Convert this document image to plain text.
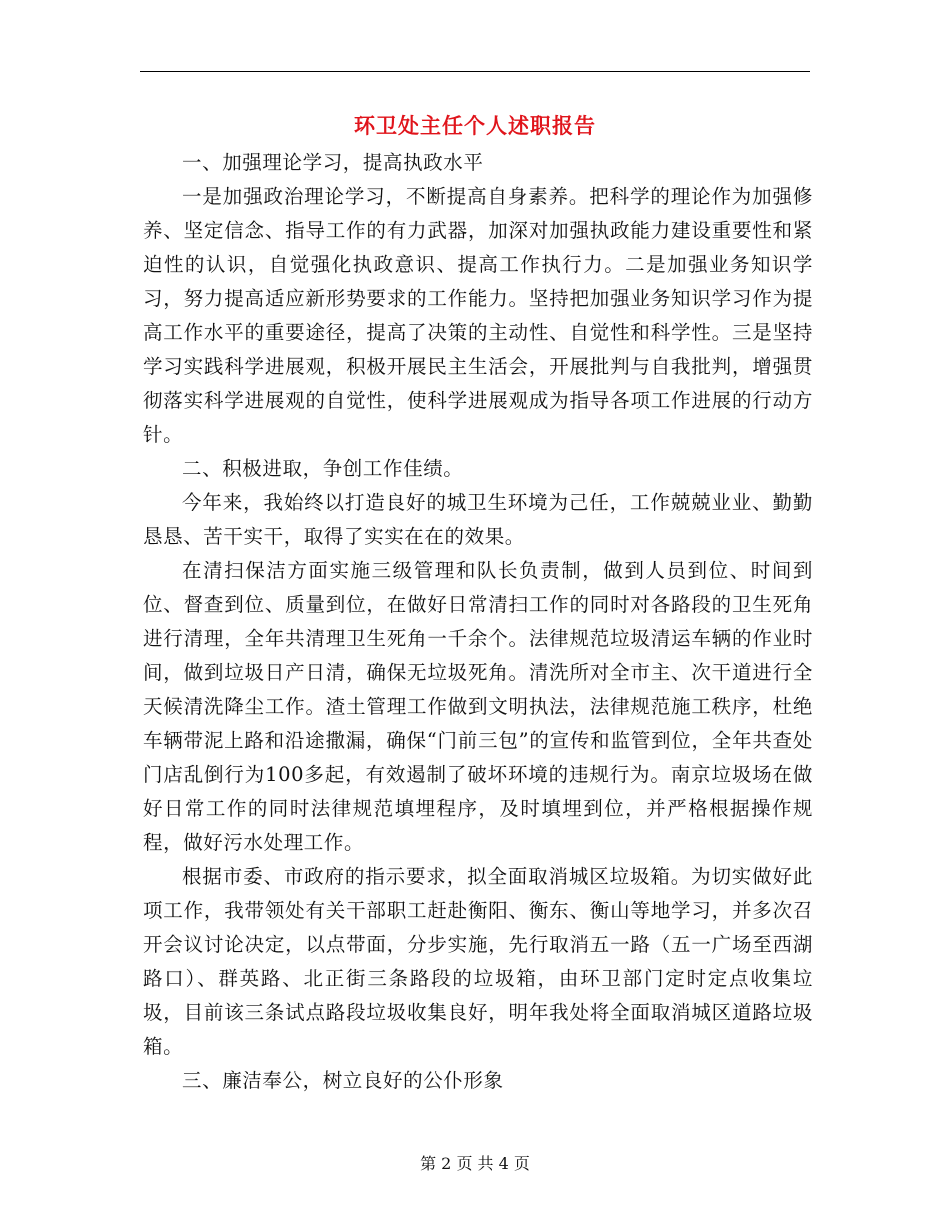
环卫处主任个人述职报告

一、加强理论学习，提高执政水平

一是加强政治理论学习，不断提高自身素养。把科学的理论作为加强修养、坚定信念、指导工作的有力武器，加深对加强执政能力建设重要性和紧迫性的认识，自觉强化执政意识、提高工作执行力。二是加强业务知识学习，努力提高适应新形势要求的工作能力。坚持把加强业务知识学习作为提高工作水平的重要途径，提高了决策的主动性、自觉性和科学性。三是坚持学习实践科学进展观，积极开展民主生活会，开展批判与自我批判，增强贯彻落实科学进展观的自觉性，使科学进展观成为指导各项工作进展的行动方针。

二、积极进取，争创工作佳绩。

今年来，我始终以打造良好的城卫生环境为己任，工作兢兢业业、勤勤恳恳、苦干实干，取得了实实在在的效果。

在清扫保洁方面实施三级管理和队长负责制，做到人员到位、时间到位、督查到位、质量到位，在做好日常清扫工作的同时对各路段的卫生死角进行清理，全年共清理卫生死角一千余个。法律规范垃圾清运车辆的作业时间，做到垃圾日产日清，确保无垃圾死角。清洗所对全市主、次干道进行全天候清洗降尘工作。渣土管理工作做到文明执法，法律规范施工秩序，杜绝车辆带泥上路和沿途撒漏，确保“门前三包”的宣传和监管到位，全年共查处门店乱倒行为100多起，有效遏制了破坏环境的违规行为。南京垃圾场在做好日常工作的同时法律规范填埋程序，及时填埋到位，并严格根据操作规程，做好污水处理工作。

根据市委、市政府的指示要求，拟全面取消城区垃圾箱。为切实做好此项工作，我带领处有关干部职工赶赴衡阳、衡东、衡山等地学习，并多次召开会议讨论决定，以点带面，分步实施，先行取消五一路（五一广场至西湖路口）、群英路、北正街三条路段的垃圾箱，由环卫部门定时定点收集垃圾，目前该三条试点路段垃圾收集良好，明年我处将全面取消城区道路垃圾箱。

三、廉洁奉公，树立良好的公仆形象

第 2 页 共 4 页
